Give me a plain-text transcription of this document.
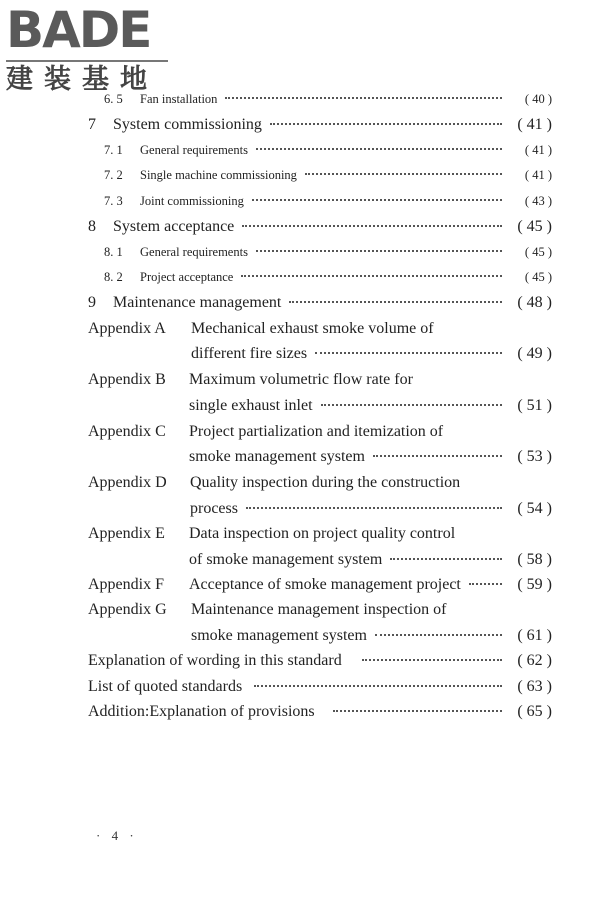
BADE
建装基地
6. 5	Fan installation	( 40 )
7	System commissioning	( 41 )
7. 1	General requirements	( 41 )
7. 2	Single machine commissioning	( 41 )
7. 3	Joint commissioning	( 43 )
8	System acceptance	( 45 )
8. 1	General requirements	( 45 )
8. 2	Project acceptance	( 45 )
9	Maintenance management	( 48 )
Appendix A	Mechanical exhaust smoke volume of
different fire sizes	( 49 )
Appendix B	Maximum volumetric flow rate for
single exhaust inlet	( 51 )
Appendix C	Project partialization and itemization of
smoke management system	( 53 )
Appendix D	Quality inspection during the construction
process	( 54 )
Appendix E	Data inspection on project quality control
of smoke management system	( 58 )
Appendix F	Acceptance of smoke management project	( 59 )
Appendix G	Maintenance management inspection of
smoke management system	( 61 )
Explanation of wording in this standard	( 62 )
List of quoted standards	( 63 )
Addition:Explanation of provisions	( 65 )
· 4 ·
